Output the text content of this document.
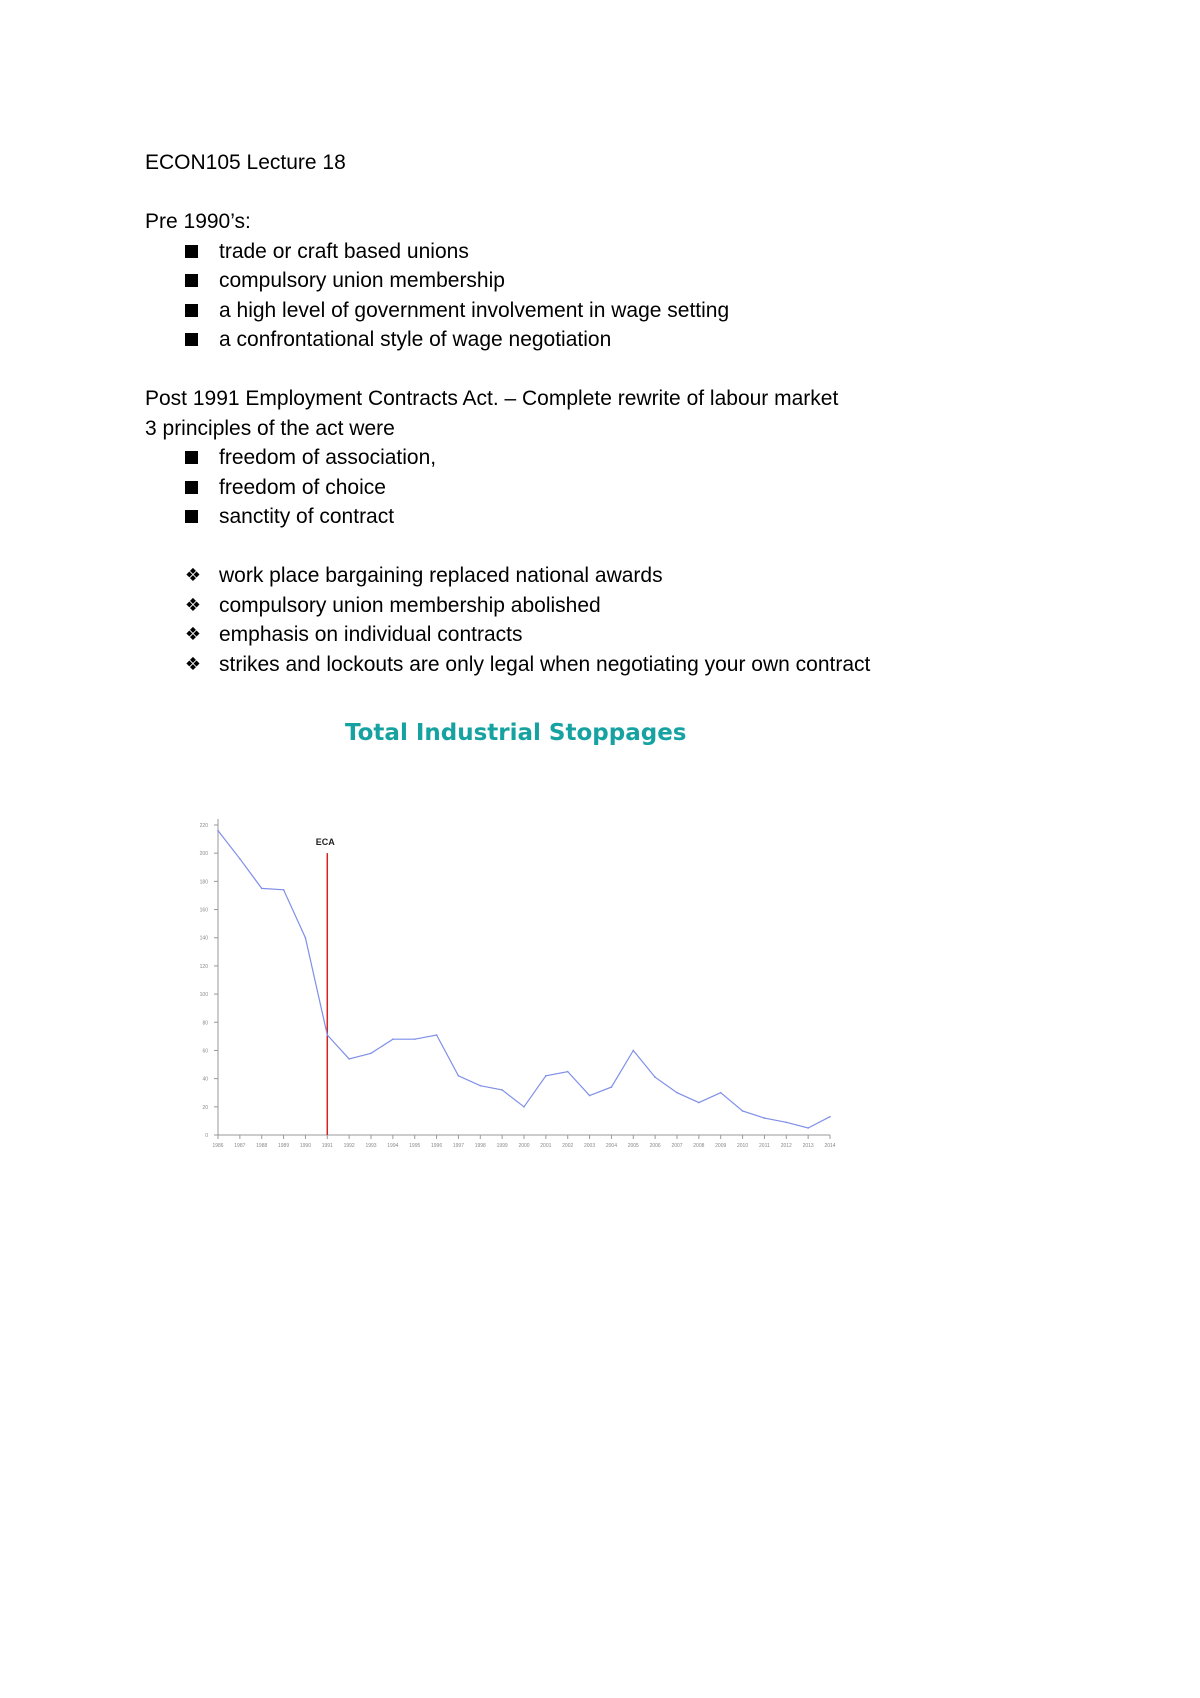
ECON105 Lecture 18

Pre 1990’s:

trade or craft based unions
compulsory union membership
a high level of government involvement in wage setting
a confrontational style of wage negotiation

Post 1991 Employment Contracts Act. – Complete rewrite of labour market

3 principles of the act were

freedom of association,
freedom of choice
sanctity of contract
❖ work place bargaining replaced national awards
❖ compulsory union membership abolished
❖ emphasis on individual contracts
❖ strikes and lockouts are only legal when negotiating your own contract
Total Industrial Stoppages
0
20
40
60
80
100
120
140
160
180
200
220
1986 1987 1988 1989 1990 1991 1992 1993 1994 1995 1996 1997 1998 1999 2000 2001 2002 2003 2004 2005 2006 2007 2008 2009 2010 2011 2012 2013 2014
ECA
